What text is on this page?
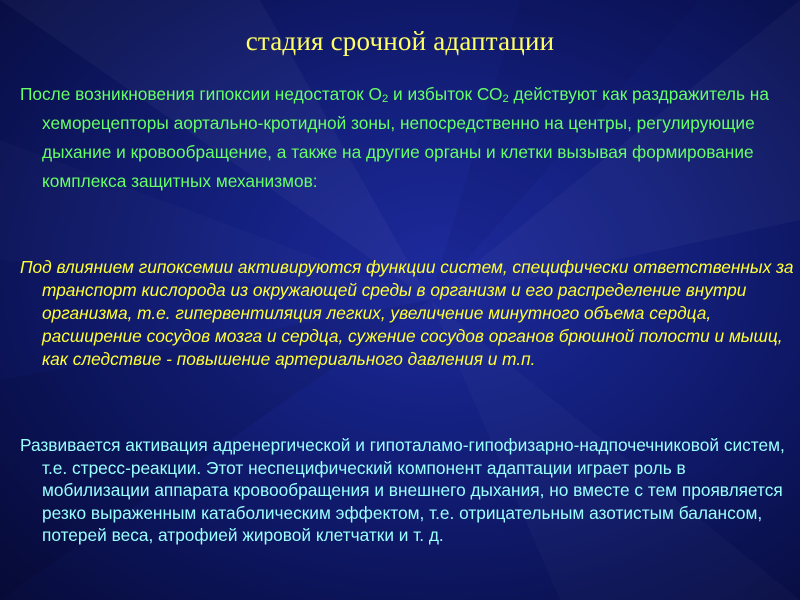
стадия срочной адаптации

После возникновения гипоксии недостаток $О_2$ и избыток $СО_2$ действуют как раздражитель на хеморецепторы аортально-кротидной зоны, непосредственно на центры, регулирующие дыхание и кровообращение, а также на другие органы и клетки вызывая формирование комплекса защитных механизмов:

Под влиянием гипоксемии активируются функции систем, специфически ответственных за транспорт кислорода из окружающей среды в организм и его распределение внутри организма, т.е. гипервентиляция легких, увеличение минутного объема сердца, расширение сосудов мозга и сердца, сужение сосудов органов брюшной полости и мышц, как следствие - повышение артериального давления и т.п.

Развивается активация адренергической и гипоталамо-гипофизарно-надпочечниковой систем, т.е. стресс-реакции. Этот неспецифический компонент адаптации играет роль в мобилизации аппарата кровообращения и внешнего дыхания, но вместе с тем проявляется резко выраженным катаболическим эффектом, т.е. отрицательным азотистым балансом, потерей веса, атрофией жировой клетчатки и т. д.
